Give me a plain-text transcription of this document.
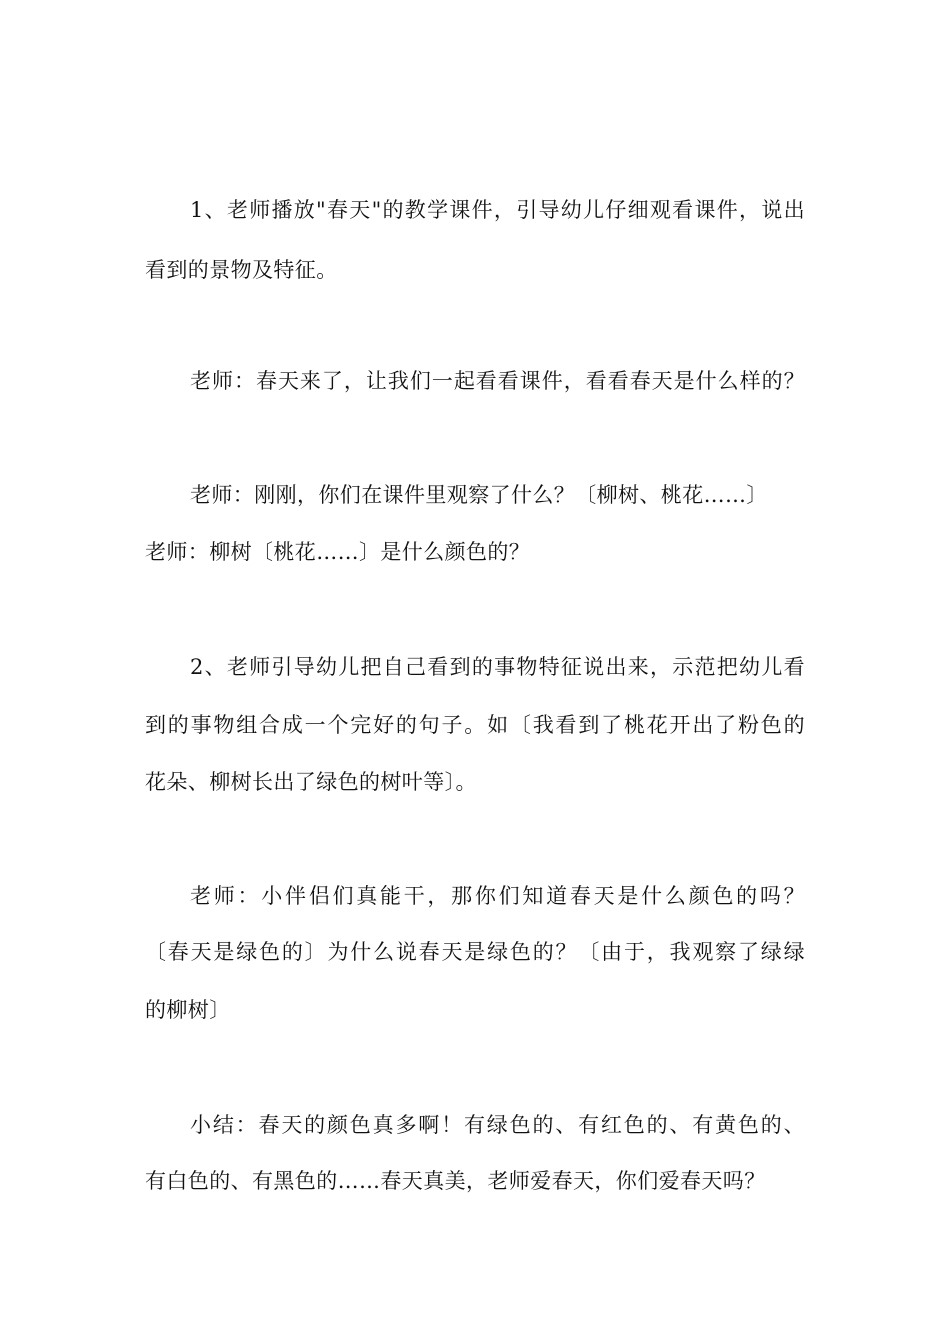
1、老师播放"春天"的教学课件，引导幼儿仔细观看课件，说出
看到的景物及特征。
老师：春天来了，让我们一起看看课件，看看春天是什么样的？
老师：刚刚，你们在课件里观察了什么？〔柳树、桃花……〕
老师：柳树〔桃花……〕是什么颜色的？
2、老师引导幼儿把自己看到的事物特征说出来，示范把幼儿看
到的事物组合成一个完好的句子。如〔我看到了桃花开出了粉色的
花朵、柳树长出了绿色的树叶等〕。
老师：小伴侣们真能干，那你们知道春天是什么颜色的吗？
〔春天是绿色的〕为什么说春天是绿色的？〔由于，我观察了绿绿
的柳树〕
小结：春天的颜色真多啊！有绿色的、有红色的、有黄色的、
有白色的、有黑色的……春天真美，老师爱春天，你们爱春天吗？
